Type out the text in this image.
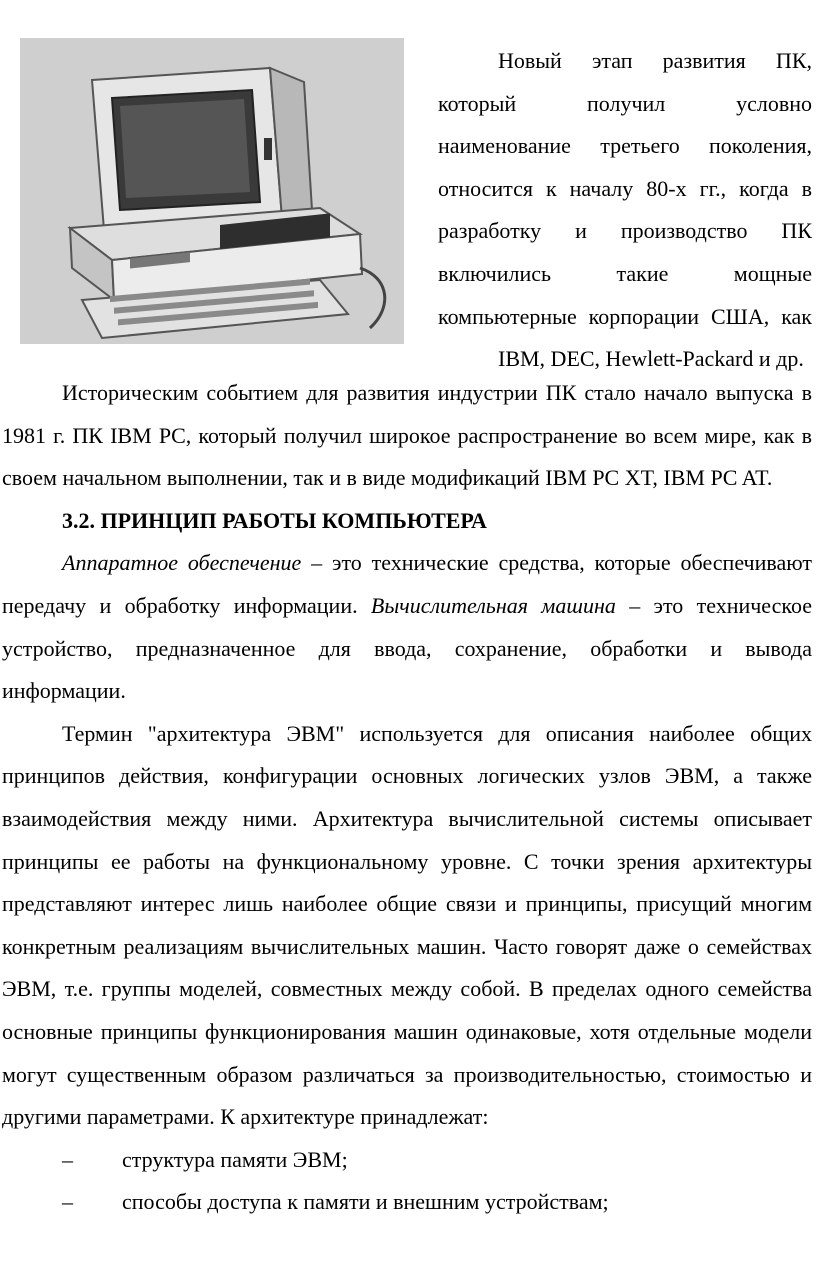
Новый этап развития ПК, который получил условно наименование третьего поколения, относится к началу 80-х гг., когда в разработку и производство ПК включились такие мощные компьютерные корпорации США, как
IBM, DEC, Hewlett-Packard и др.

Историческим событием для развития индустрии ПК стало начало выпуска в 1981 г. ПК IBM PC, который получил широкое распространение во всем мире, как в своем начальном выполнении, так и в виде модификаций IBM PC XT, IBM PC AT.

3.2. ПРИНЦИП РАБОТЫ КОМПЬЮТЕРА

Аппаратное обеспечение – это технические средства, которые обеспечивают передачу и обработку информации. Вычислительная машина – это техническое устройство, предназначенное для ввода, сохранение, обработки и вывода информации.

Термин "архитектура ЭВМ" используется для описания наиболее общих принципов действия, конфигурации основных логических узлов ЭВМ, а также взаимодействия между ними. Архитектура вычислительной системы описывает принципы ее работы на функциональному уровне. С точки зрения архитектуры представляют интерес лишь наиболее общие связи и принципы, присущий многим конкретным реализациям вычислительных машин. Часто говорят даже о семействах ЭВМ, т.е. группы моделей, совместных между собой. В пределах одного семейства основные принципы функционирования машин одинаковые, хотя отдельные модели могут существенным образом различаться за производительностью, стоимостью и другими параметрами. К архитектуре принадлежат:

–	структура памяти ЭВМ;
–	способы доступа к памяти и внешним устройствам;
